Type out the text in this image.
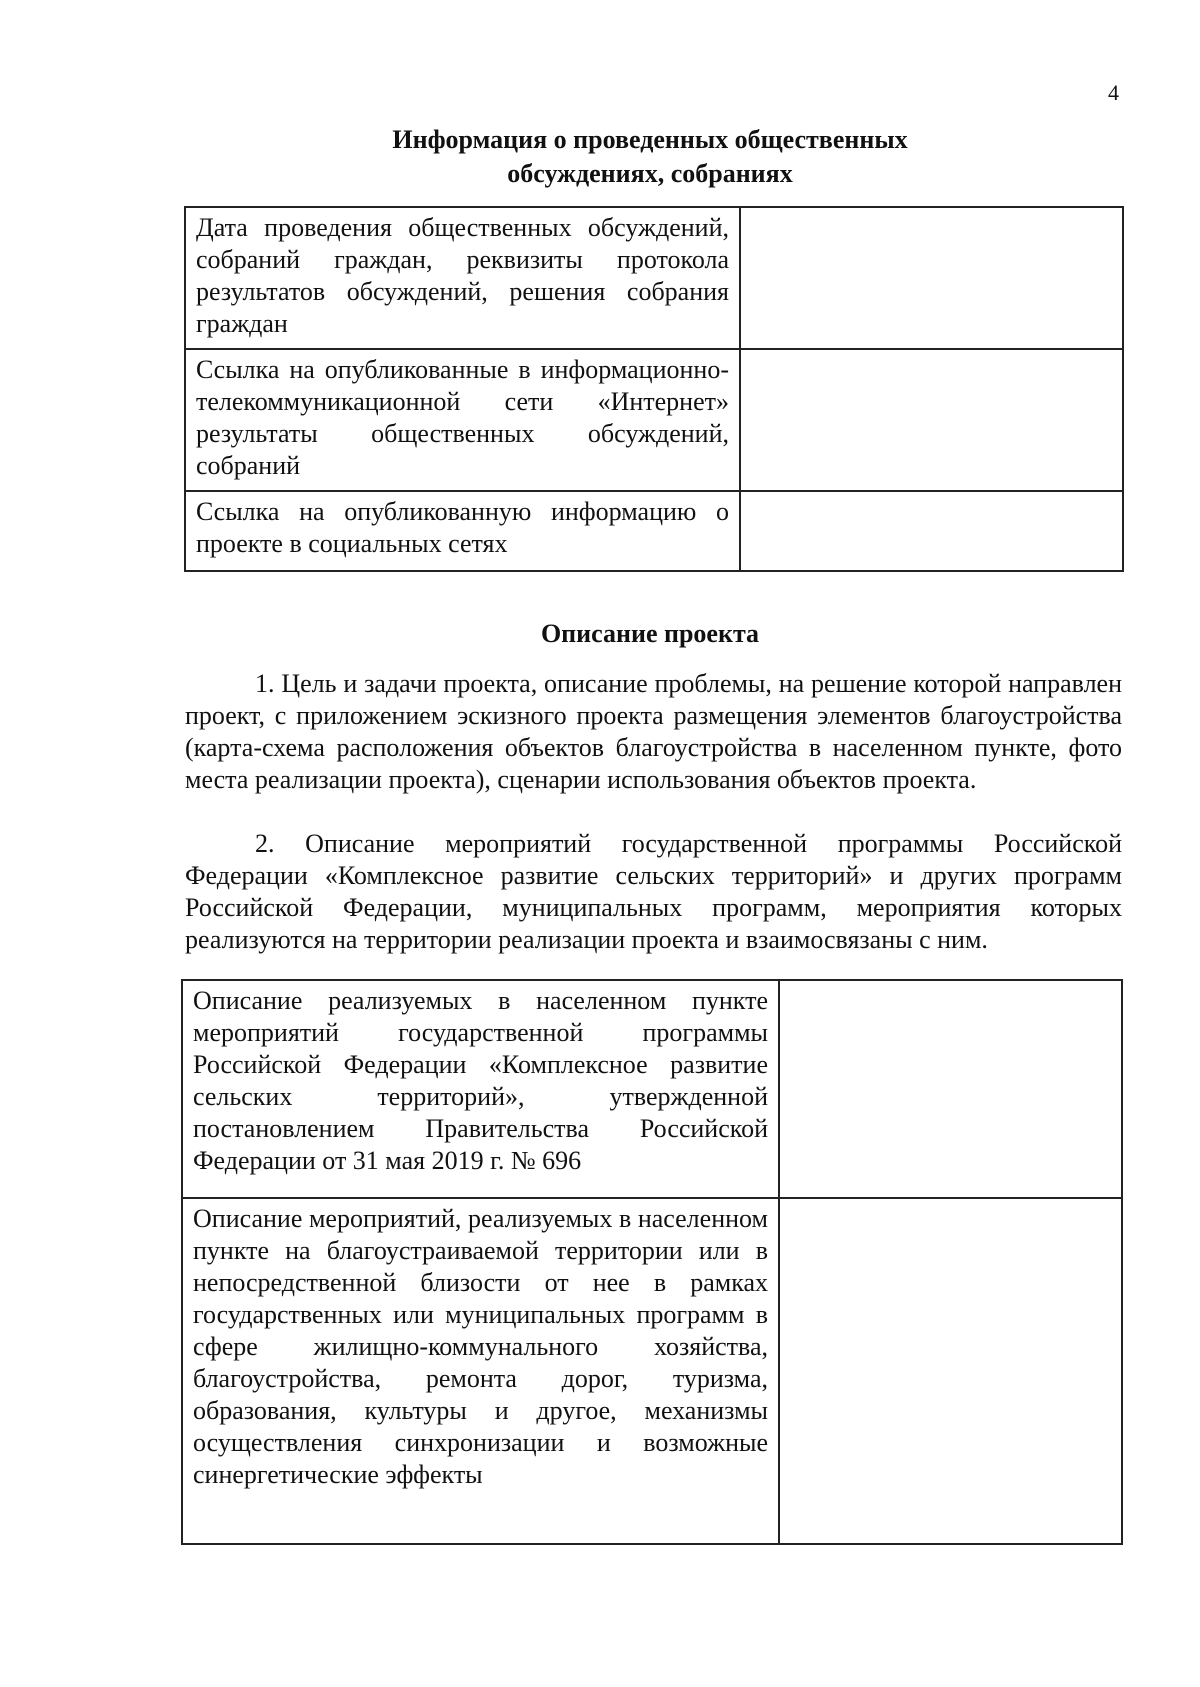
4
Информация о проведенных общественных
обсуждениях, собраниях
Дата проведения общественных обсуждений, собраний граждан, реквизиты протокола результатов обсуждений, решения собрания граждан	
Ссылка на опубликованные в информационно-телекоммуникационной сети «Интернет» результаты общественных обсуждений, собраний	
Ссылка на опубликованную информацию о проекте в социальных сетях	
Описание проекта

1. Цель и задачи проекта, описание проблемы, на решение которой направлен проект, с приложением эскизного проекта размещения элементов благоустройства (карта-схема расположения объектов благоустройства в населенном пункте, фото места реализации проекта), сценарии использования объектов проекта.

2. Описание мероприятий государственной программы Российской Федерации «Комплексное развитие сельских территорий» и других программ Российской Федерации, муниципальных программ, мероприятия которых реализуются на территории реализации проекта и взаимосвязаны с ним.

Описание реализуемых в населенном пункте мероприятий государственной программы Российской Федерации «Комплексное развитие сельских территорий», утвержденной постановлением Правительства Российской Федерации от 31 мая 2019 г. № 696	
Описание мероприятий, реализуемых в населенном пункте на благоустраиваемой территории или в непосредственной близости от нее в рамках государственных или муниципальных программ в сфере жилищно-коммунального хозяйства, благоустройства, ремонта дорог, туризма, образования, культуры и другое, механизмы осуществления синхронизации и возможные синергетические эффекты	
